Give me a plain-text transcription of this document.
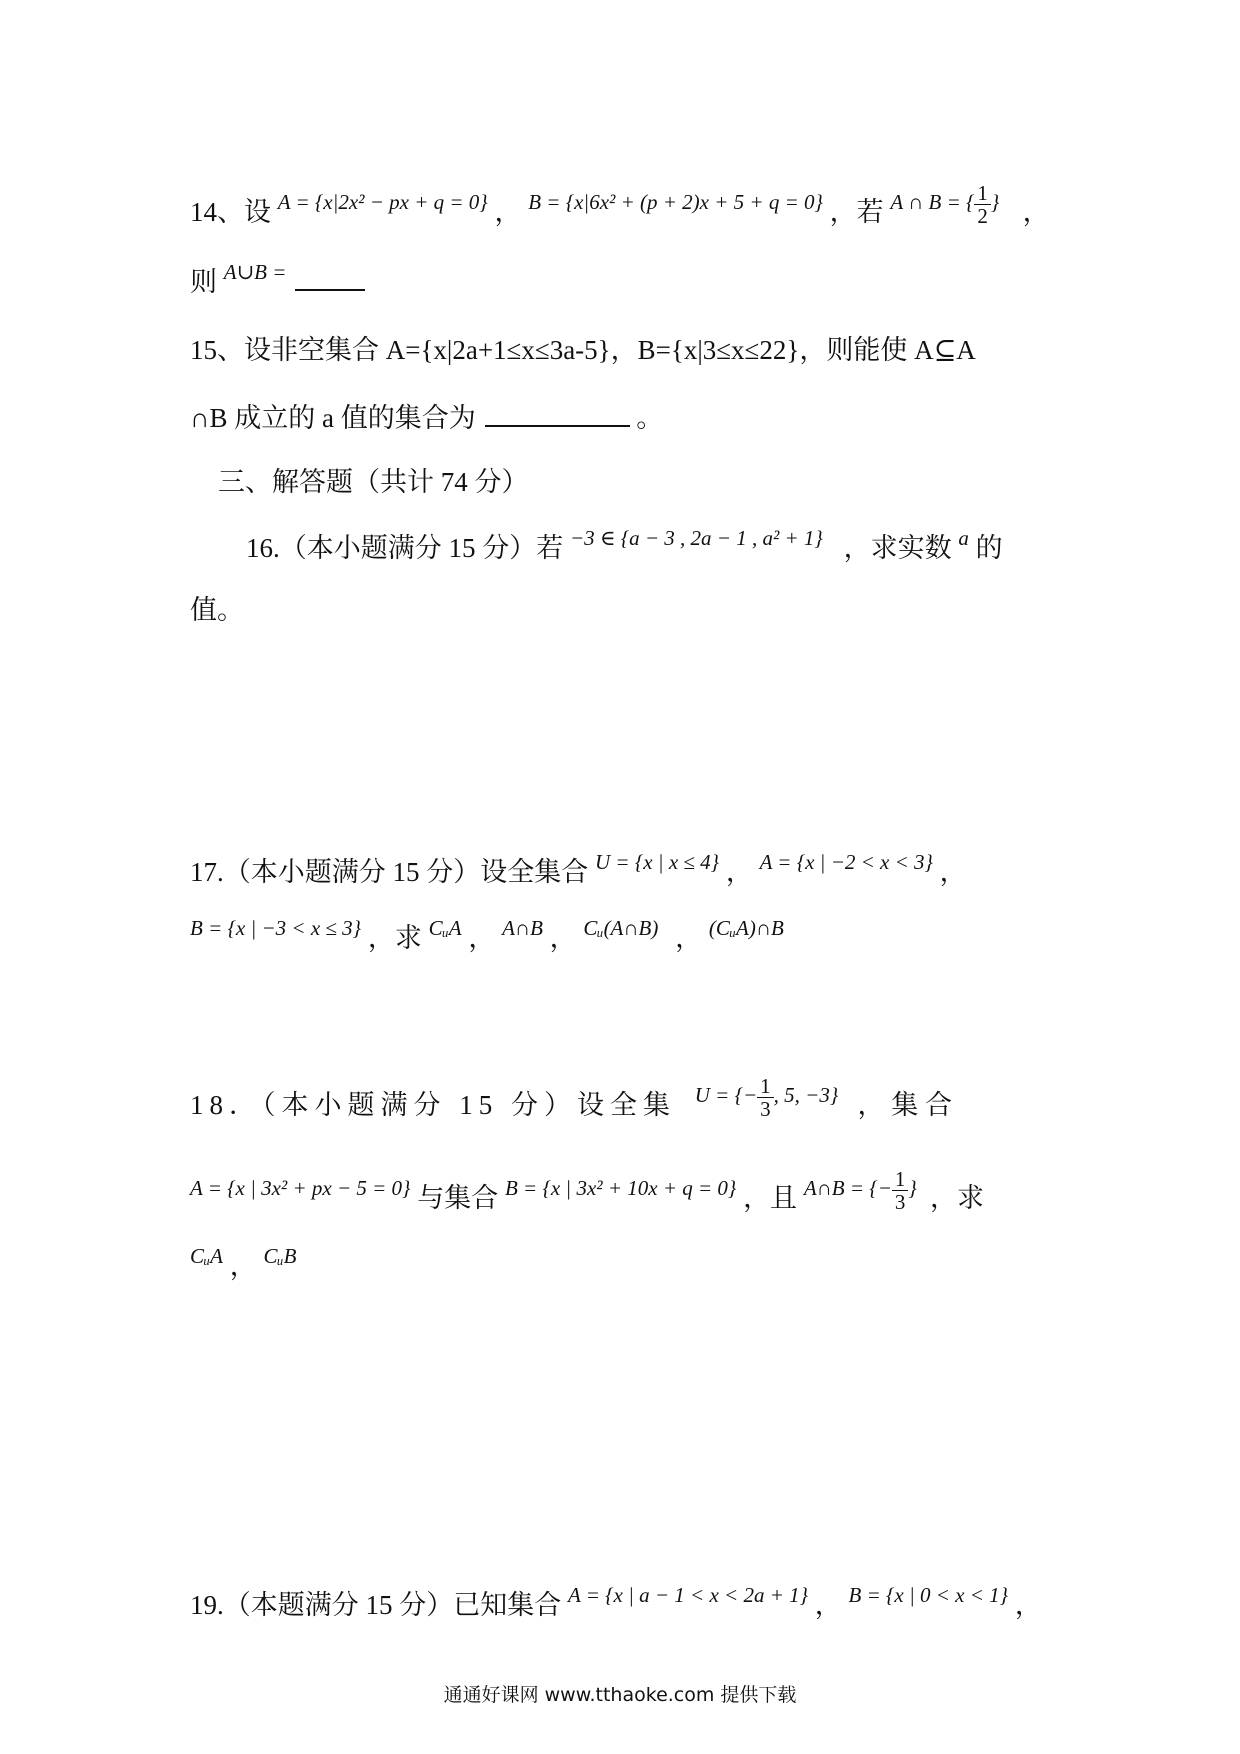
14、设 $^{A = \{x|2x^2 - px + q = 0\}}$ ， $^{B = \{x|6x^2 + (p + 2)x + 5 + q = 0\}}$ ，若 $^{A \cap B = \{ \frac{1}{2} \}}$ ，
则 $^{A\cup B =}$
15、设非空集合 A={x|2a+1≤x≤3a-5}，B={x|3≤x≤22}，则能使 A⊆A
∩B 成立的 a 值的集合为	。
三、解答题（共计 74 分）
16.（本小题满分 15 分）若 $^{-3 \in \{a - 3 , 2a - 1 , a^2 + 1\}}$ ，求实数 $^a$ 的
值。
17.（本小题满分 15 分）设全集合 $^{U = \{x | x \le 4\}}$ ， $^{A = \{x | -2 < x < 3\}}$ ，
$^{B = \{x | -3 < x \le 3\}}$ ，求 $^{CᵤA}$ ， $^{A\cap B}$ ， $^{Cᵤ(A\cap B)}$ ， $^{(CᵤA)\cap B}$
18．（本小题满分 15 分）设全集 $^{U = \{- \frac{1}{3} , 5, -3\}}$ ， 集 合
$^{A = \{x | 3x^2 + px - 5 = 0\}}$ 与集合 $^{B = \{x | 3x^2 + 10x + q = 0\}}$ ，且 $^{A\cap B = \{- \frac{1}{3} \}}$ ，求
$^{CᵤA}$ ， $^{CᵤB}$
19.（本题满分 15 分）已知集合 $^{A = \{x | a - 1 < x < 2a + 1\}}$ ， $^{B = \{x | 0 < x < 1\}}$ ，
通通好课网 www.tthaoke.com 提供下载
